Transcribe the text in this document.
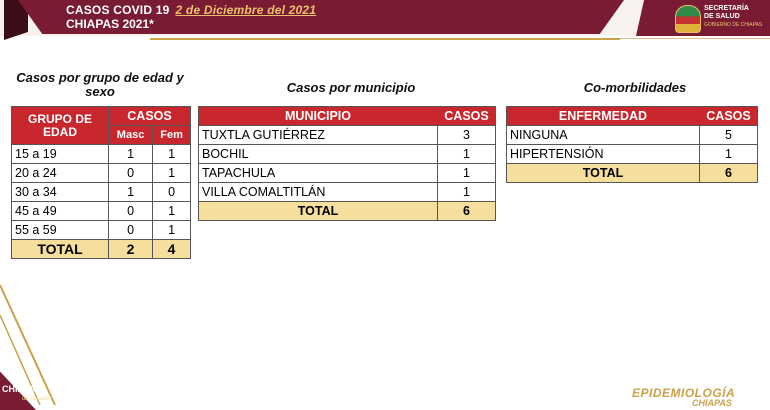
CASOS COVID 19 2 de Diciembre del 2021
CHIAPAS 2021*
SECRETARÍA
DE SALUD
GOBIERNO DE CHIAPAS
Casos por grupo de edad y sexo	Casos por municipio	Co-morbilidades
GRUPO DE EDAD	CASOS	
	Masc	Fem
15 a 19	1	1
20 a 24	0	1
30 a 34	1	0
45 a 49	0	1
55 a 59	0	1
TOTAL	2	4
MUNICIPIO	CASOS
TUXTLA GUTIÉRREZ	3
BOCHIL	1
TAPACHULA	1
VILLA COMALTITLÁN	1
TOTAL	6
ENFERMEDAD	CASOS
NINGUNA	5
HIPERTENSIÓN	1
TOTAL	6
CHIAPAS
de corazón	EPIDEMIOLOGÍA
CHIAPAS
